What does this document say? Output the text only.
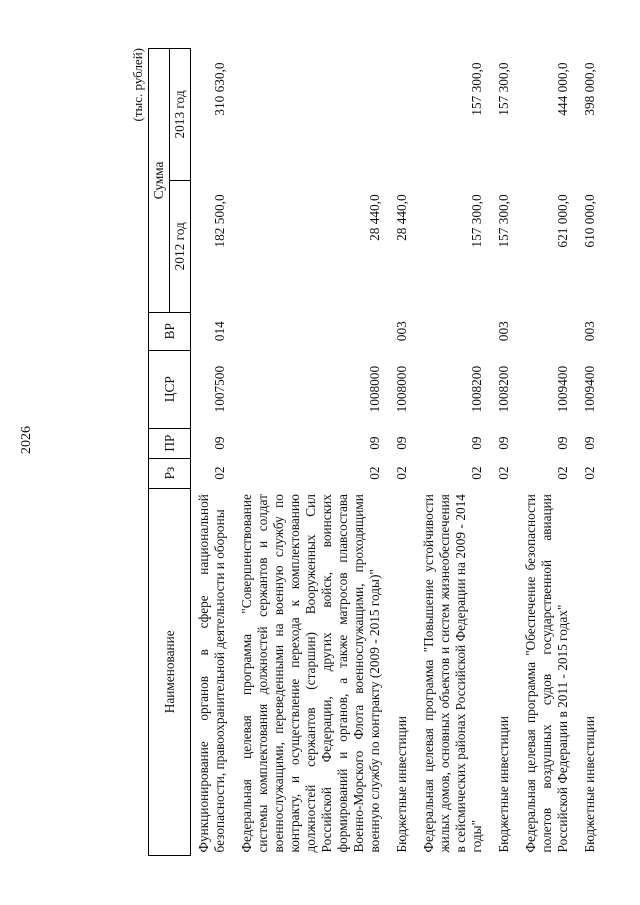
2026
(тыс. рублей)
Наименование	Рз	ПР	ЦСР	ВР	Сумма	
					2012 год	2013 год
Функционирование органов в сфере национальной безопасности, правоохранительной деятельности и обороны	02	09	1007500	014	182 500,0	310 630,0
Федеральная целевая программа "Совершенствование системы комплектования должностей сержантов и солдат военнослужащими, переведенными на военную службу по контракту, и осуществление перехода к комплектованию должностей сержантов (старшин) Вооруженных Сил Российской Федерации, других войск, воинских формирований и органов, а также матросов плавсостава Военно-Морского Флота военнослужащими, проходящими военную службу по контракту (2009 - 2015 годы)"	02	09	1008000		28 440,0	
Бюджетные инвестиции	02	09	1008000	003	28 440,0	
Федеральная целевая программа "Повышение устойчивости жилых домов, основных объектов и систем жизнеобеспечения в сейсмических районах Российской Федерации на 2009 - 2014 годы"	02	09	1008200		157 300,0	157 300,0
Бюджетные инвестиции	02	09	1008200	003	157 300,0	157 300,0
Федеральная целевая программа "Обеспечение безопасности полетов воздушных судов государственной авиации Российской Федерации в 2011 - 2015 годах"	02	09	1009400		621 000,0	444 000,0
Бюджетные инвестиции	02	09	1009400	003	610 000,0	398 000,0
